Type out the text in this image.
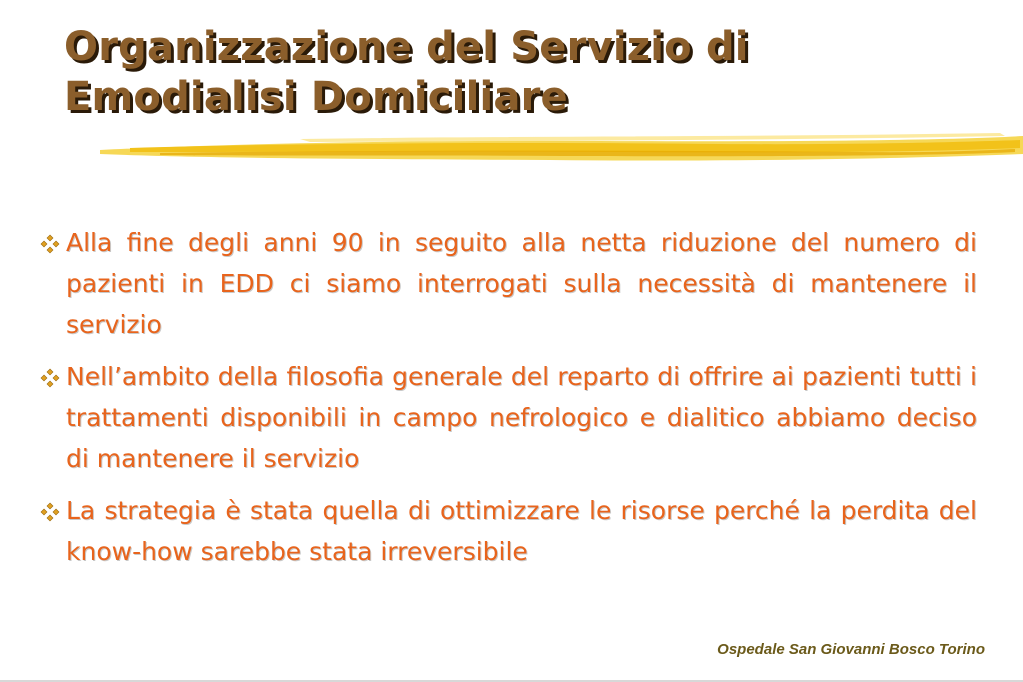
Organizzazione del Servizio di
Emodialisi Domiciliare
Alla fine degli anni 90 in seguito alla netta riduzione del numero di pazienti in EDD ci siamo interrogati sulla necessità di mantenere il servizio
Nell’ambito della filosofia generale del reparto di offrire ai pazienti tutti i trattamenti disponibili in campo nefrologico e dialitico abbiamo deciso di mantenere il servizio
La strategia è stata quella di ottimizzare le risorse perché la perdita del know-how sarebbe stata irreversibile
Ospedale San Giovanni Bosco Torino
